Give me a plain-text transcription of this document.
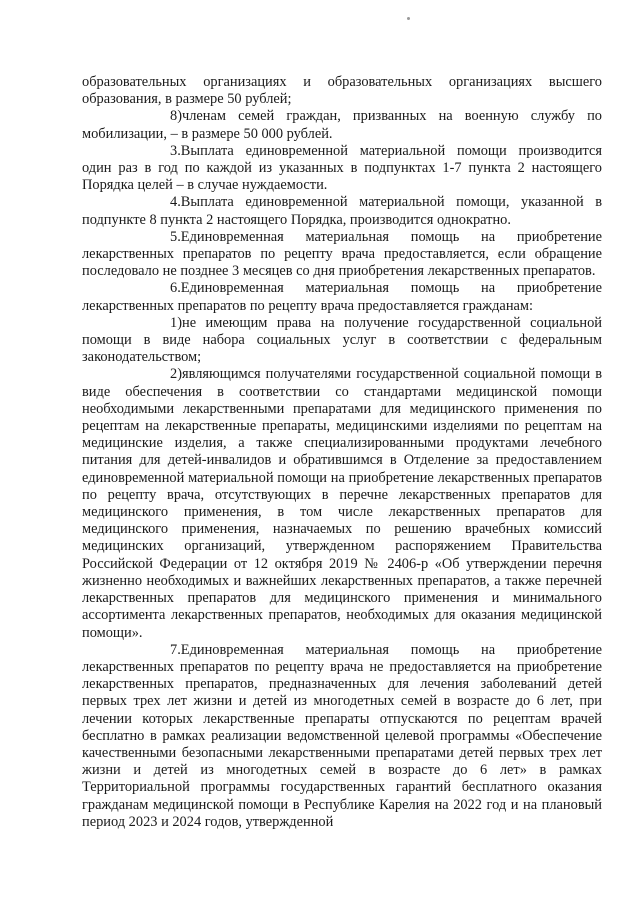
образовательных организациях и образовательных организациях высшего образования, в размере 50 рублей;

8)членам семей граждан, призванных на военную службу по мобилизации, – в размере 50 000 рублей.

3.Выплата единовременной материальной помощи производится один раз в год по каждой из указанных в подпунктах 1-7 пункта 2 настоящего Порядка целей – в случае нуждаемости.

4.Выплата единовременной материальной помощи, указанной в подпункте 8 пункта 2 настоящего Порядка, производится однократно.

5.Единовременная материальная помощь на приобретение лекарственных препаратов по рецепту врача предоставляется, если обращение последовало не позднее 3 месяцев со дня приобретения лекарственных препаратов.

6.Единовременная материальная помощь на приобретение лекарственных препаратов по рецепту врача предоставляется гражданам:

1)не имеющим права на получение государственной социальной помощи в виде набора социальных услуг в соответствии с федеральным законодательством;

2)являющимся получателями государственной социальной помощи в виде обеспечения в соответствии со стандартами медицинской помощи необходимыми лекарственными препаратами для медицинского применения по рецептам на лекарственные препараты, медицинскими изделиями по рецептам на медицинские изделия, а также специализированными продуктами лечебного питания для детей-инвалидов и обратившимся в Отделение за предоставлением единовременной материальной помощи на приобретение лекарственных препаратов по рецепту врача, отсутствующих в перечне лекарственных препаратов для медицинского применения, в том числе лекарственных препаратов для медицинского применения, назначаемых по решению врачебных комиссий медицинских организаций, утвержденном распоряжением Правительства Российской Федерации от 12 октября 2019 № 2406-р «Об утверждении перечня жизненно необходимых и важнейших лекарственных препаратов, а также перечней лекарственных препаратов для медицинского применения и минимального ассортимента лекарственных препаратов, необходимых для оказания медицинской помощи».

7.Единовременная материальная помощь на приобретение лекарственных препаратов по рецепту врача не предоставляется на приобретение лекарственных препаратов, предназначенных для лечения заболеваний детей первых трех лет жизни и детей из многодетных семей в возрасте до 6 лет, при лечении которых лекарственные препараты отпускаются по рецептам врачей бесплатно в рамках реализации ведомственной целевой программы «Обеспечение качественными безопасными лекарственными препаратами детей первых трех лет жизни и детей из многодетных семей в возрасте до 6 лет» в рамках Территориальной программы государственных гарантий бесплатного оказания гражданам медицинской помощи в Республике Карелия на 2022 год и на плановый период 2023 и 2024 годов, утвержденной
